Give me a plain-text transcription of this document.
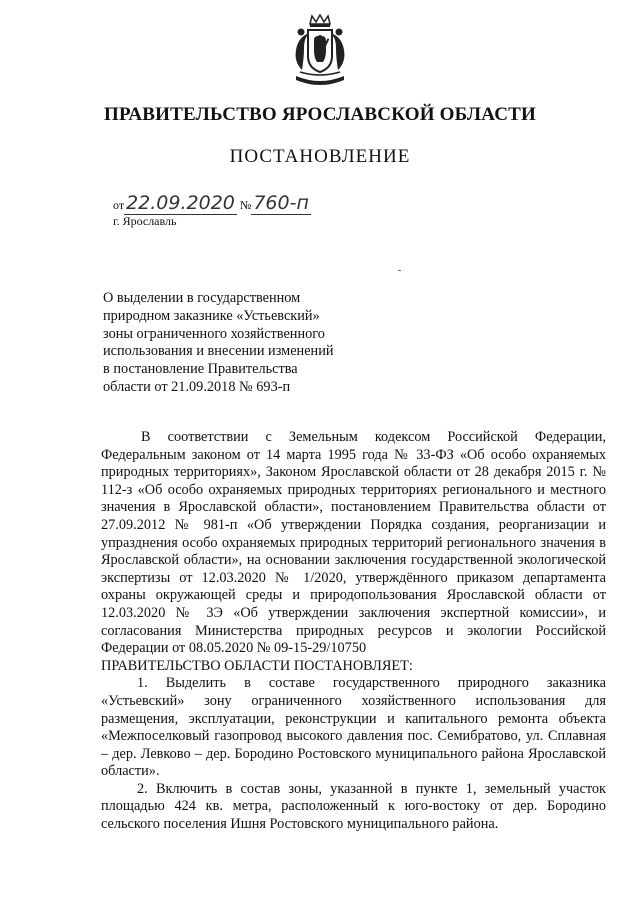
ПРАВИТЕЛЬСТВО ЯРОСЛАВСКОЙ ОБЛАСТИ
ПОСТАНОВЛЕНИЕ
от 22.09.2020 № 760-п
г. Ярославль
О выделении в государственном
природном заказнике «Устьевский»
зоны ограниченного хозяйственного
использования и внесении изменений
в постановление Правительства
области от 21.09.2018 № 693-п

В соответствии с Земельным кодексом Российской Федерации, Федеральным законом от 14 марта 1995 года № 33-ФЗ «Об особо охраняемых природных территориях», Законом Ярославской области от 28 декабря 2015 г. № 112-з «Об особо охраняемых природных территориях регионального и местного значения в Ярославской области», постановлением Правительства области от 27.09.2012 № 981-п «Об утверждении Порядка создания, реорганизации и упразднения особо охраняемых природных территорий регионального значения в Ярославской области», на основании заключения государственной экологической экспертизы от 12.03.2020 № 1/2020, утверждённого приказом департамента охраны окружающей среды и природопользования Ярославской области от 12.03.2020 № 3Э «Об утверждении заключения экспертной комиссии», и согласования Министерства природных ресурсов и экологии Российской Федерации от 08.05.2020 № 09-15-29/10750

ПРАВИТЕЛЬСТВО ОБЛАСТИ ПОСТАНОВЛЯЕТ:

1. Выделить в составе государственного природного заказника «Устьевский» зону ограниченного хозяйственного использования для размещения, эксплуатации, реконструкции и капитального ремонта объекта «Межпоселковый газопровод высокого давления пос. Семибратово, ул. Сплавная – дер. Левково – дер. Бородино Ростовского муниципального района Ярославской области».

2. Включить в состав зоны, указанной в пункте 1, земельный участок площадью 424 кв. метра, расположенный к юго-востоку от дер. Бородино сельского поселения Ишня Ростовского муниципального района.
